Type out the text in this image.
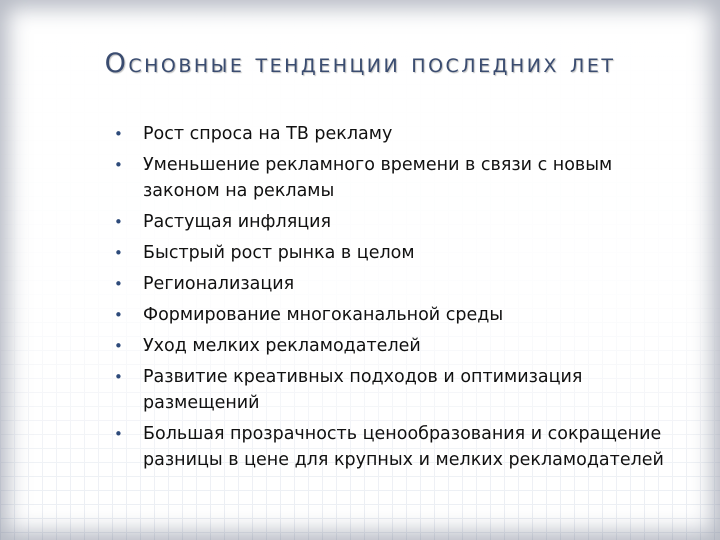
Основные тенденции последних лет
• Рост спроса на ТВ рекламу
• Уменьшение рекламного времени в связи с новым законом на рекламы
• Растущая инфляция
• Быстрый рост рынка в целом
• Регионализация
• Формирование многоканальной среды
• Уход мелких рекламодателей
• Развитие креативных подходов и оптимизация размещений
• Большая прозрачность ценообразования и сокращение разницы в цене для крупных и мелких рекламодателей
